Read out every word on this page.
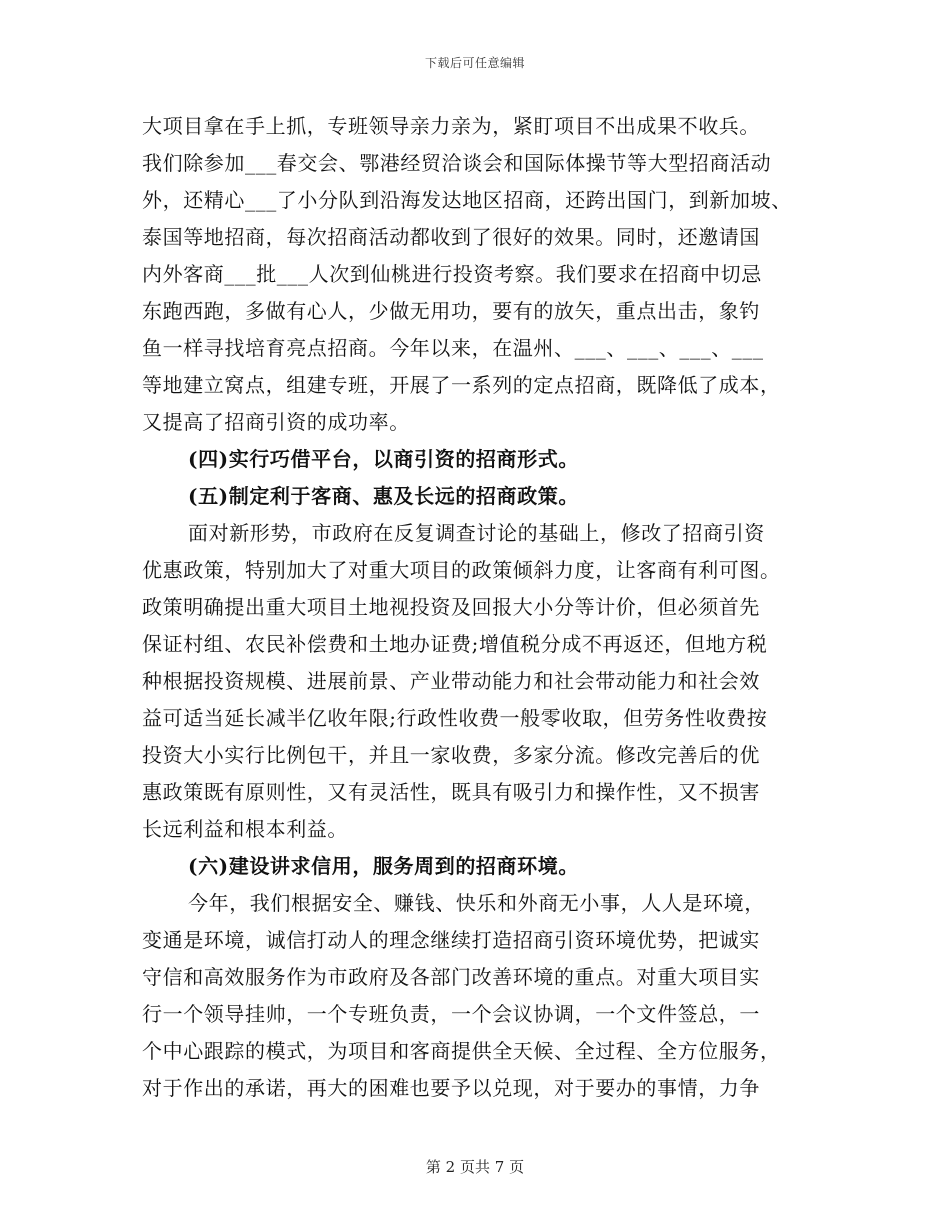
下载后可任意编辑
大项目拿在手上抓，专班领导亲力亲为，紧盯项目不出成果不收兵。
我们除参加___春交会、鄂港经贸洽谈会和国际体操节等大型招商活动
外，还精心___了小分队到沿海发达地区招商，还跨出国门，到新加坡、
泰国等地招商，每次招商活动都收到了很好的效果。同时，还邀请国
内外客商___批___人次到仙桃进行投资考察。我们要求在招商中切忌
东跑西跑，多做有心人，少做无用功，要有的放矢，重点出击，象钓
鱼一样寻找培育亮点招商。今年以来，在温州、___、___、___、___
等地建立窝点，组建专班，开展了一系列的定点招商，既降低了成本，
又提高了招商引资的成功率。
(四)实行巧借平台，以商引资的招商形式。
(五)制定利于客商、惠及长远的招商政策。
面对新形势，市政府在反复调查讨论的基础上，修改了招商引资
优惠政策，特别加大了对重大项目的政策倾斜力度，让客商有利可图。
政策明确提出重大项目土地视投资及回报大小分等计价，但必须首先
保证村组、农民补偿费和土地办证费;增值税分成不再返还，但地方税
种根据投资规模、进展前景、产业带动能力和社会带动能力和社会效
益可适当延长减半亿收年限;行政性收费一般零收取，但劳务性收费按
投资大小实行比例包干，并且一家收费，多家分流。修改完善后的优
惠政策既有原则性，又有灵活性，既具有吸引力和操作性，又不损害
长远利益和根本利益。
(六)建设讲求信用，服务周到的招商环境。
今年，我们根据安全、赚钱、快乐和外商无小事，人人是环境，
变通是环境，诚信打动人的理念继续打造招商引资环境优势，把诚实
守信和高效服务作为市政府及各部门改善环境的重点。对重大项目实
行一个领导挂帅，一个专班负责，一个会议协调，一个文件签总，一
个中心跟踪的模式，为项目和客商提供全天候、全过程、全方位服务，
对于作出的承诺，再大的困难也要予以兑现，对于要办的事情，力争
第 2 页共 7 页
